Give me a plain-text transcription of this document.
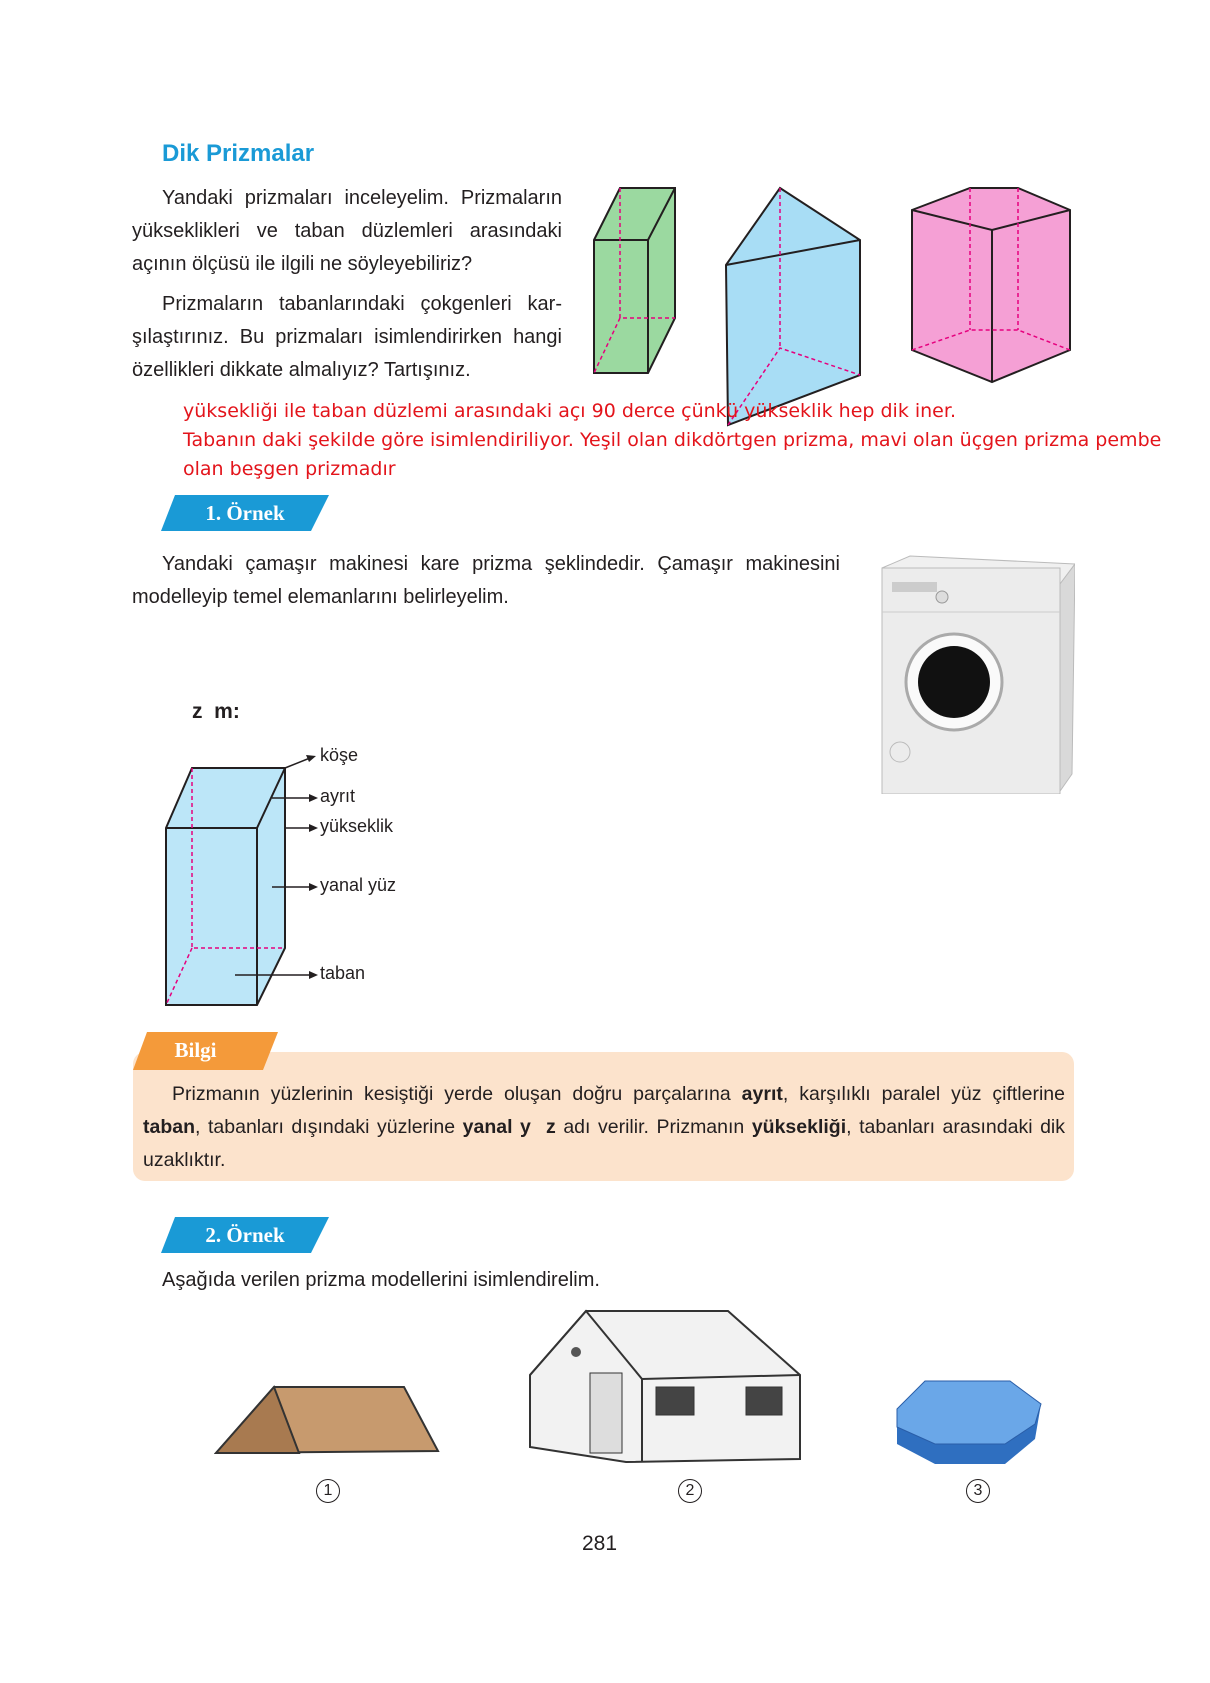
Dik Prizmalar
Yandaki prizmaları inceleyelim. Prizmaların
yükseklikleri ve taban düzlemleri arasındaki
açının ölçüsü ile ilgili ne söyleyebiliriz?
Prizmaların tabanlarındaki çokgenleri kar-
şılaştırınız. Bu prizmaları isimlendirirken hangi
özellikleri dikkate almalıyız? Tartışınız.
yüksekliği ile taban düzlemi arasındaki açı 90 derce çünkü yükseklik hep dik iner.
Tabanın daki şekilde göre isimlendiriliyor. Yeşil olan dikdörtgen prizma, mavi olan üçgen prizma pembe
olan beşgen prizmadır
1. Örnek
Yandaki çamaşır makinesi kare prizma şeklindedir. Çamaşır makinesini
modelleyip temel elemanlarını belirleyelim.
z  m:
köşe
ayrıt
yükseklik
yanal yüz
taban
Bilgi
Prizmanın yüzlerinin kesiştiği yerde oluşan doğru parçalarına ayrıt, karşılıklı paralel yüz çiftlerine taban, tabanları dışındaki yüzlerine yanal y  z adı verilir. Prizmanın yüksekliği, tabanları arasındaki dik uzaklıktır.
2. Örnek
Aşağıda verilen prizma modellerini isimlendirelim.
1	2	3
281
